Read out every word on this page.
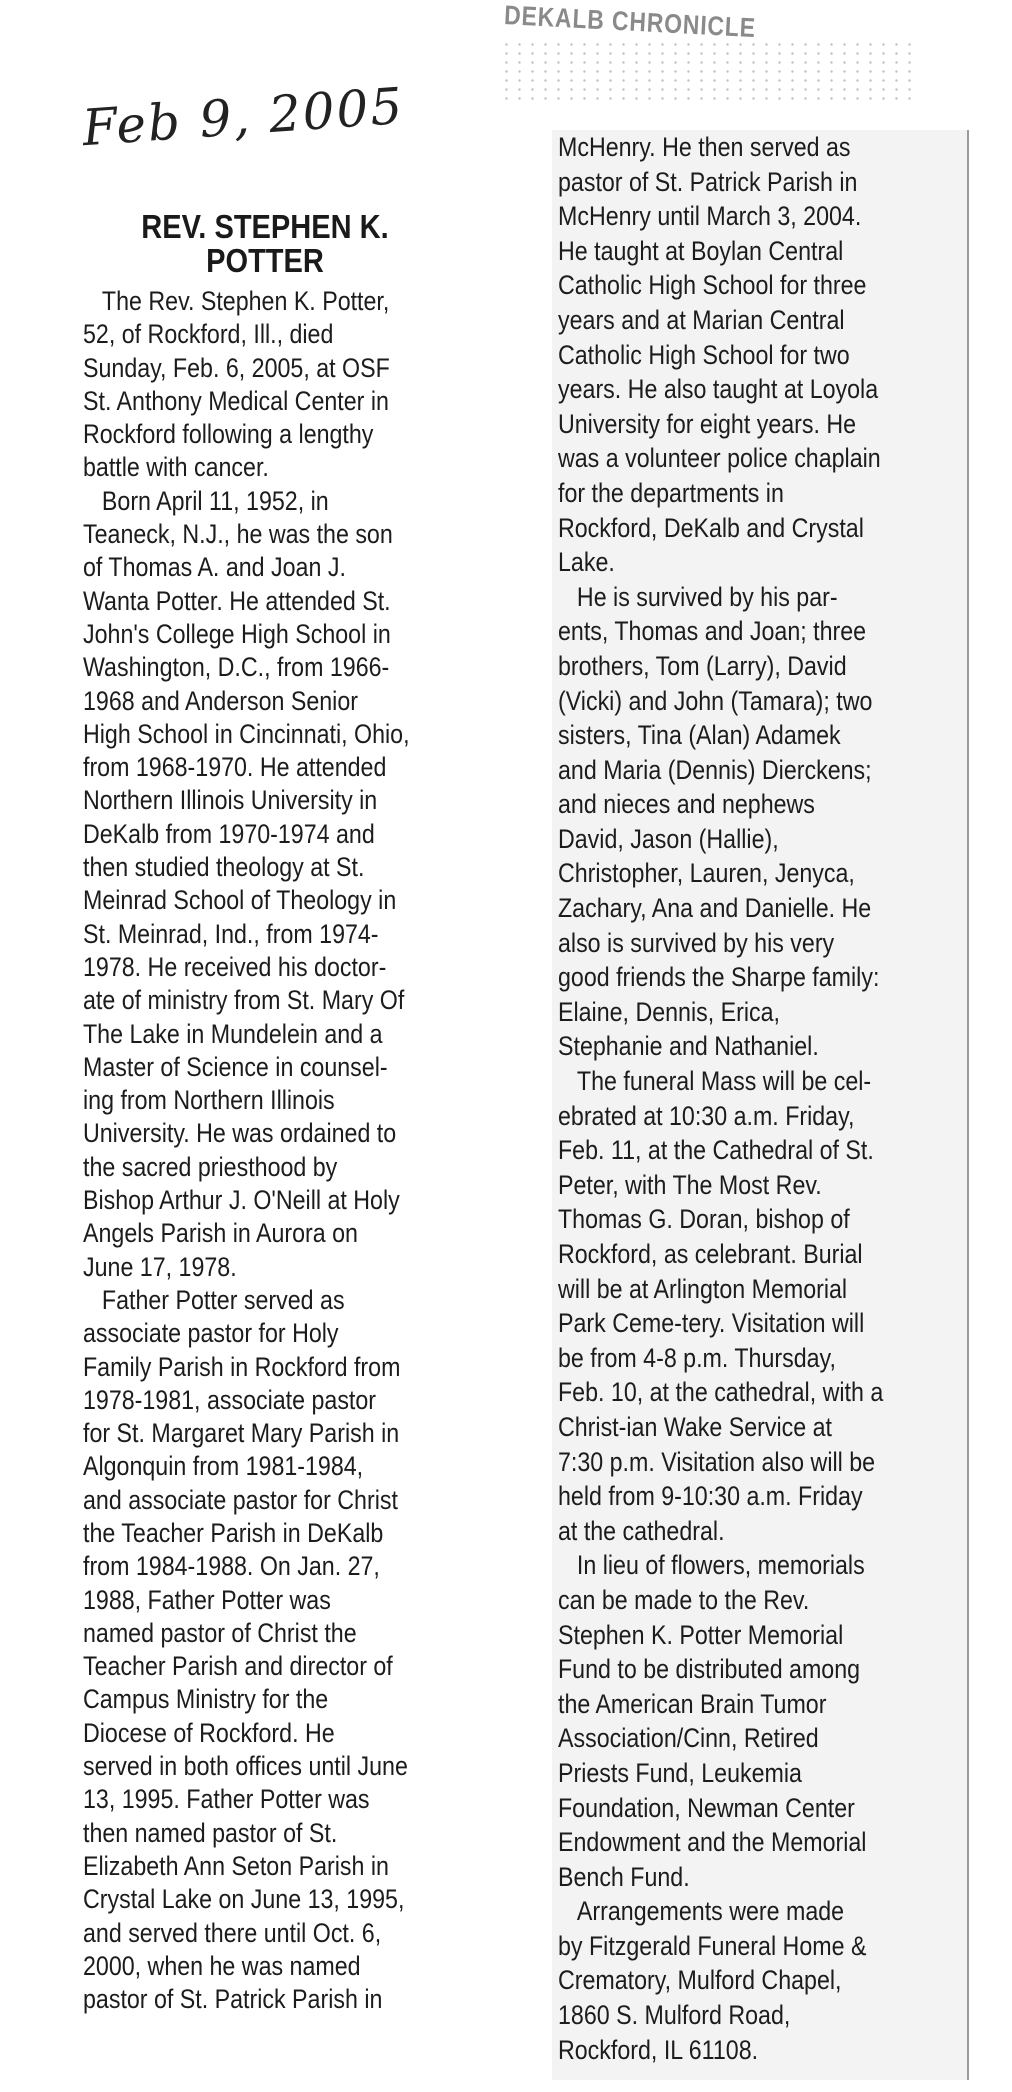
DEKALB CHRONICLE
Feb 9, 2005
REV. STEPHEN K.
POTTER
The Rev. Stephen K. Potter,
52, of Rockford, Ill., died
Sunday, Feb. 6, 2005, at OSF
St. Anthony Medical Center in
Rockford following a lengthy
battle with cancer.
Born April 11, 1952, in
Teaneck, N.J., he was the son
of Thomas A. and Joan J.
Wanta Potter. He attended St.
John's College High School in
Washington, D.C., from 1966-
1968 and Anderson Senior
High School in Cincinnati, Ohio,
from 1968-1970. He attended
Northern Illinois University in
DeKalb from 1970-1974 and
then studied theology at St.
Meinrad School of Theology in
St. Meinrad, Ind., from 1974-
1978. He received his doctor-
ate of ministry from St. Mary Of
The Lake in Mundelein and a
Master of Science in counsel-
ing from Northern Illinois
University. He was ordained to
the sacred priesthood by
Bishop Arthur J. O'Neill at Holy
Angels Parish in Aurora on
June 17, 1978.
Father Potter served as
associate pastor for Holy
Family Parish in Rockford from
1978-1981, associate pastor
for St. Margaret Mary Parish in
Algonquin from 1981-1984,
and associate pastor for Christ
the Teacher Parish in DeKalb
from 1984-1988. On Jan. 27,
1988, Father Potter was
named pastor of Christ the
Teacher Parish and director of
Campus Ministry for the
Diocese of Rockford. He
served in both offices until June
13, 1995. Father Potter was
then named pastor of St.
Elizabeth Ann Seton Parish in
Crystal Lake on June 13, 1995,
and served there until Oct. 6,
2000, when he was named
pastor of St. Patrick Parish in
McHenry. He then served as
pastor of St. Patrick Parish in
McHenry until March 3, 2004.
He taught at Boylan Central
Catholic High School for three
years and at Marian Central
Catholic High School for two
years. He also taught at Loyola
University for eight years. He
was a volunteer police chaplain
for the departments in
Rockford, DeKalb and Crystal
Lake.
He is survived by his par-
ents, Thomas and Joan; three
brothers, Tom (Larry), David
(Vicki) and John (Tamara); two
sisters, Tina (Alan) Adamek
and Maria (Dennis) Dierckens;
and nieces and nephews
David, Jason (Hallie),
Christopher, Lauren, Jenyca,
Zachary, Ana and Danielle. He
also is survived by his very
good friends the Sharpe family:
Elaine, Dennis, Erica,
Stephanie and Nathaniel.
The funeral Mass will be cel-
ebrated at 10:30 a.m. Friday,
Feb. 11, at the Cathedral of St.
Peter, with The Most Rev.
Thomas G. Doran, bishop of
Rockford, as celebrant. Burial
will be at Arlington Memorial
Park Ceme-tery. Visitation will
be from 4-8 p.m. Thursday,
Feb. 10, at the cathedral, with a
Christ-ian Wake Service at
7:30 p.m. Visitation also will be
held from 9-10:30 a.m. Friday
at the cathedral.
In lieu of flowers, memorials
can be made to the Rev.
Stephen K. Potter Memorial
Fund to be distributed among
the American Brain Tumor
Association/Cinn, Retired
Priests Fund, Leukemia
Foundation, Newman Center
Endowment and the Memorial
Bench Fund.
Arrangements were made
by Fitzgerald Funeral Home &
Crematory, Mulford Chapel,
1860 S. Mulford Road,
Rockford, IL 61108.
